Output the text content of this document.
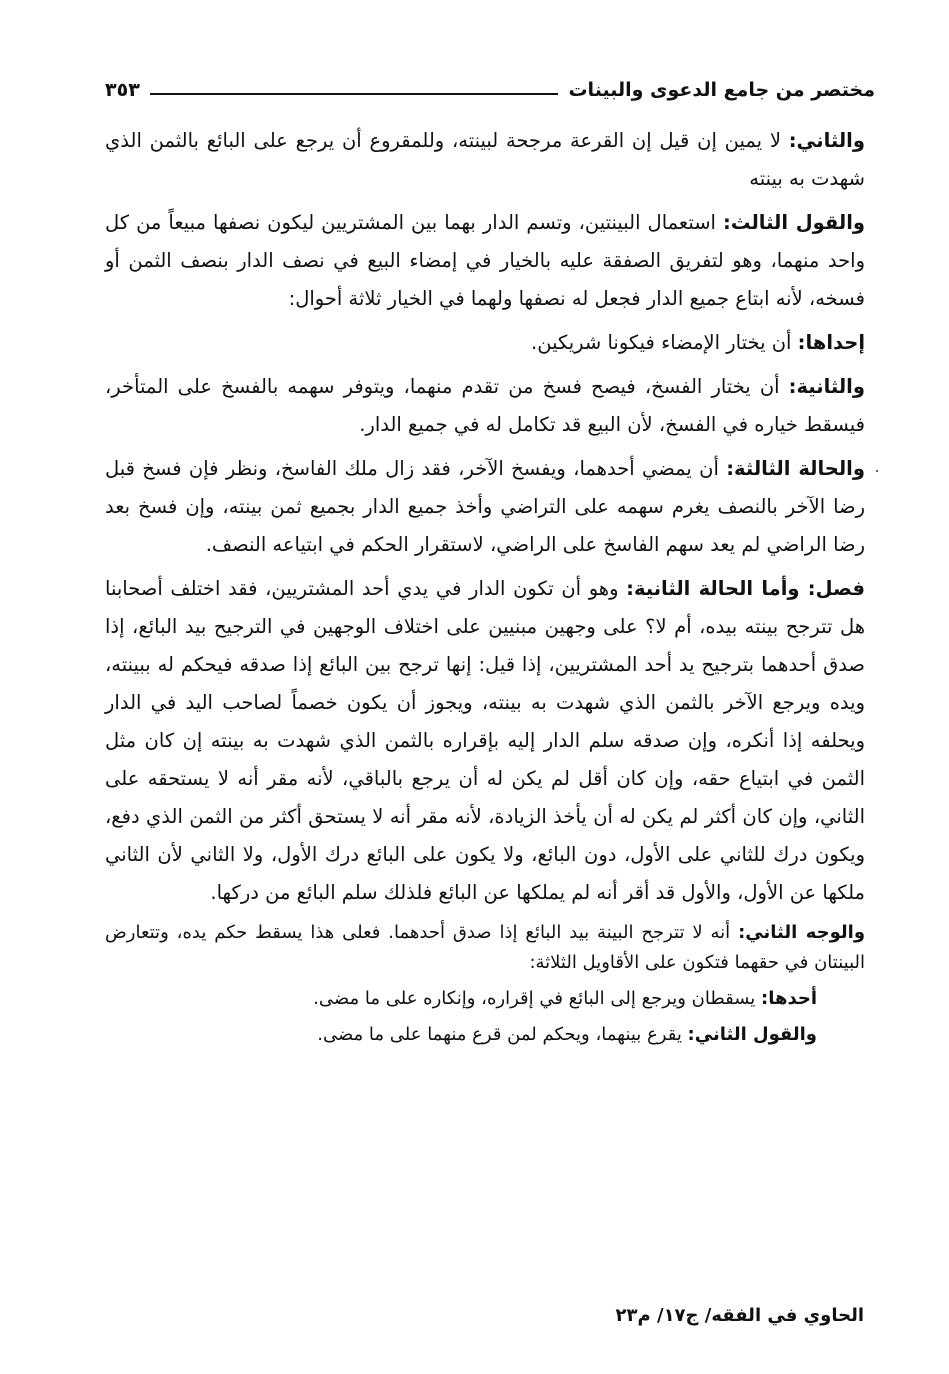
مختصر من جامع الدعوى والبينات
٣٥٣

والثاني: لا يمين إن قيل إن القرعة مرجحة لبينته، وللمقروع أن يرجع على البائع بالثمن الذي شهدت به بينته

والقول الثالث: استعمال البينتين، وتسم الدار بهما بين المشتريين ليكون نصفها مبيعاً من كل واحد منهما، وهو لتفريق الصفقة عليه بالخيار في إمضاء البيع في نصف الدار بنصف الثمن أو فسخه، لأنه ابتاع جميع الدار فجعل له نصفها ولهما في الخيار ثلاثة أحوال:

إحداها: أن يختار الإمضاء فيكونا شريكين.

والثانية: أن يختار الفسخ، فيصح فسخ من تقدم منهما، ويتوفر سهمه بالفسخ على المتأخر، فيسقط خياره في الفسخ، لأن البيع قد تكامل له في جميع الدار.

والحالة الثالثة: أن يمضي أحدهما، ويفسخ الآخر، فقد زال ملك الفاسخ، ونظر فإن فسخ قبل رضا الآخر بالنصف يغرم سهمه على التراضي وأخذ جميع الدار بجميع ثمن بينته، وإن فسخ بعد رضا الراضي لم يعد سهم الفاسخ على الراضي، لاستقرار الحكم في ابتياعه النصف.

فصل: وأما الحالة الثانية: وهو أن تكون الدار في يدي أحد المشتريين، فقد اختلف أصحابنا هل تترجح بينته بيده، أم لا؟ على وجهين مبنيين على اختلاف الوجهين في الترجيح بيد البائع، إذا صدق أحدهما بترجيح يد أحد المشتريين، إذا قيل: إنها ترجح بين البائع إذا صدقه فيحكم له ببينته، ويده ويرجع الآخر بالثمن الذي شهدت به بينته، ويجوز أن يكون خصماً لصاحب اليد في الدار ويحلفه إذا أنكره، وإن صدقه سلم الدار إليه بإقراره بالثمن الذي شهدت به بينته إن كان مثل الثمن في ابتياع حقه، وإن كان أقل لم يكن له أن يرجع بالباقي، لأنه مقر أنه لا يستحقه على الثاني، وإن كان أكثر لم يكن له أن يأخذ الزيادة، لأنه مقر أنه لا يستحق أكثر من الثمن الذي دفع، ويكون درك للثاني على الأول، دون البائع، ولا يكون على البائع درك الأول، ولا الثاني لأن الثاني ملكها عن الأول، والأول قد أقر أنه لم يملكها عن البائع فلذلك سلم البائع من دركها.

والوجه الثاني: أنه لا تترجح البينة بيد البائع إذا صدق أحدهما. فعلى هذا يسقط حكم يده، وتتعارض البينتان في حقهما فتكون على الأقاويل الثلاثة:

أحدها: يسقطان ويرجع إلى البائع في إقراره، وإنكاره على ما مضى.

والقول الثاني: يقرع بينهما، ويحكم لمن قرع منهما على ما مضى.

الحاوي في الفقه/ ج١٧/ م٢٣
